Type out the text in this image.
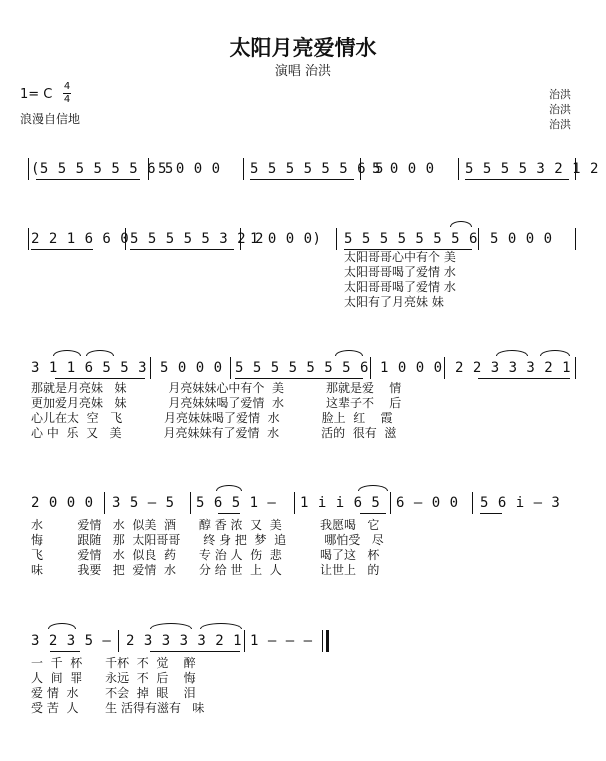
太阳月亮爱情水
演唱 治洪
1= C
4
4
浪漫自信地
治洪
治洪
治洪
(5 5 5 5 5 5 6 5
5 0 0 0 5 5 5 5 5 5 6 5
5 0 0 0 5 5 5 5 3 2 1 2
2 2 1 6 6 0 5 5 5 5 5 3 2 2
1 0 0 0) 5 5 5 5 5 5 5 6 5 0 0 0
太阳哥哥心中有个 美
太阳哥哥喝了爱情 水
太阳哥哥喝了爱情 水
太阳有了月亮妹 妹
3 1 1 6 5 5 3 5 0 0 0 5 5 5 5 5 5 5 6 1 0 0 0 2 2 3 3 3 2 1
那就是月亮妹   妹           月亮妹妹心中有个  美           那就是爱    情
更加爱月亮妹   妹           月亮妹妹喝了爱情  水           这辈子不    后
心儿在太  空   飞           月亮妹妹喝了爱情  水           脸上  红    霞
心 中  乐  又   美           月亮妹妹有了爱情  水           活的  很有  滋
2 0 0 0 3 5 – 5 5 6 5 1 – 1 i i 6 5 6 – 0 0 5 6 i – 3
水         爱情   水  似美  酒      醇 香 浓  又  美          我愿喝   它
悔         跟随   那  太阳哥哥      终 身 把  梦  追          哪怕受   尽
飞         爱情   水  似良  药      专 治 人  伤  悲          喝了这   杯
味         我要   把  爱情  水      分 给 世  上  人          让世上   的
3 2 3 5 – 2 3 3 3 3 2 1 1 – – –
一  千  杯      千杯  不  觉    醉
人  间  罪      永远  不  后    悔
爱 情  水       不会  掉  眼    泪
受 苦  人       生 活得有滋有   味
